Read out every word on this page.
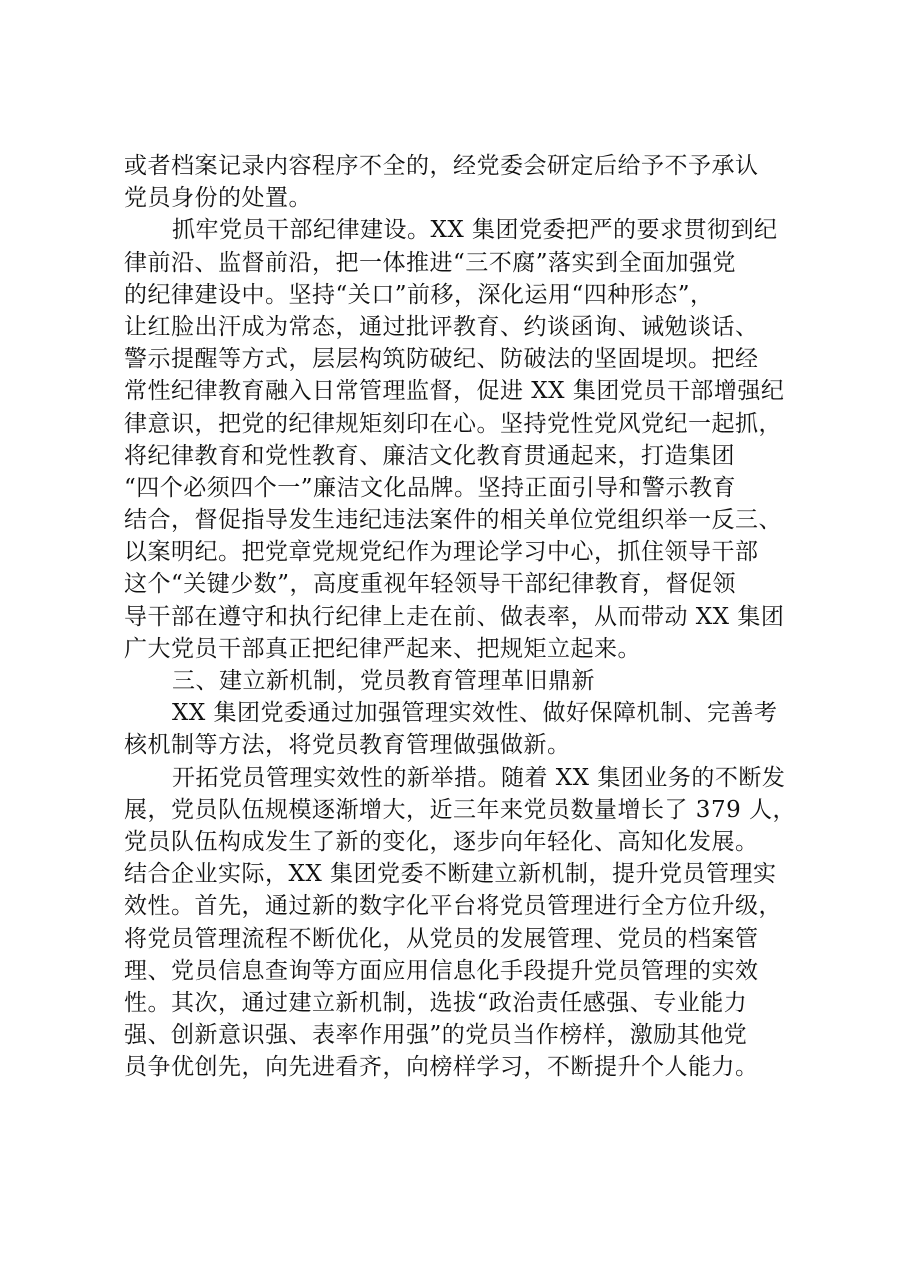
或者档案记录内容程序不全的，经党委会研定后给予不予承认
党员身份的处置。
抓牢党员干部纪律建设。XX 集团党委把严的要求贯彻到纪
律前沿、监督前沿，把一体推进“三不腐”落实到全面加强党
的纪律建设中。坚持“关口”前移，深化运用“四种形态”，
让红脸出汗成为常态，通过批评教育、约谈函询、诫勉谈话、
警示提醒等方式，层层构筑防破纪、防破法的坚固堤坝。把经
常性纪律教育融入日常管理监督，促进 XX 集团党员干部增强纪
律意识，把党的纪律规矩刻印在心。坚持党性党风党纪一起抓，
将纪律教育和党性教育、廉洁文化教育贯通起来，打造集团
“四个必须四个一”廉洁文化品牌。坚持正面引导和警示教育
结合，督促指导发生违纪违法案件的相关单位党组织举一反三、
以案明纪。把党章党规党纪作为理论学习中心，抓住领导干部
这个“关键少数”，高度重视年轻领导干部纪律教育，督促领
导干部在遵守和执行纪律上走在前、做表率，从而带动 XX 集团
广大党员干部真正把纪律严起来、把规矩立起来。
三、建立新机制，党员教育管理革旧鼎新
XX 集团党委通过加强管理实效性、做好保障机制、完善考
核机制等方法，将党员教育管理做强做新。
开拓党员管理实效性的新举措。随着 XX 集团业务的不断发
展，党员队伍规模逐渐增大，近三年来党员数量增长了 379 人，
党员队伍构成发生了新的变化，逐步向年轻化、高知化发展。
结合企业实际，XX 集团党委不断建立新机制，提升党员管理实
效性。首先，通过新的数字化平台将党员管理进行全方位升级，
将党员管理流程不断优化，从党员的发展管理、党员的档案管
理、党员信息查询等方面应用信息化手段提升党员管理的实效
性。其次，通过建立新机制，选拔“政治责任感强、专业能力
强、创新意识强、表率作用强”的党员当作榜样，激励其他党
员争优创先，向先进看齐，向榜样学习，不断提升个人能力。
